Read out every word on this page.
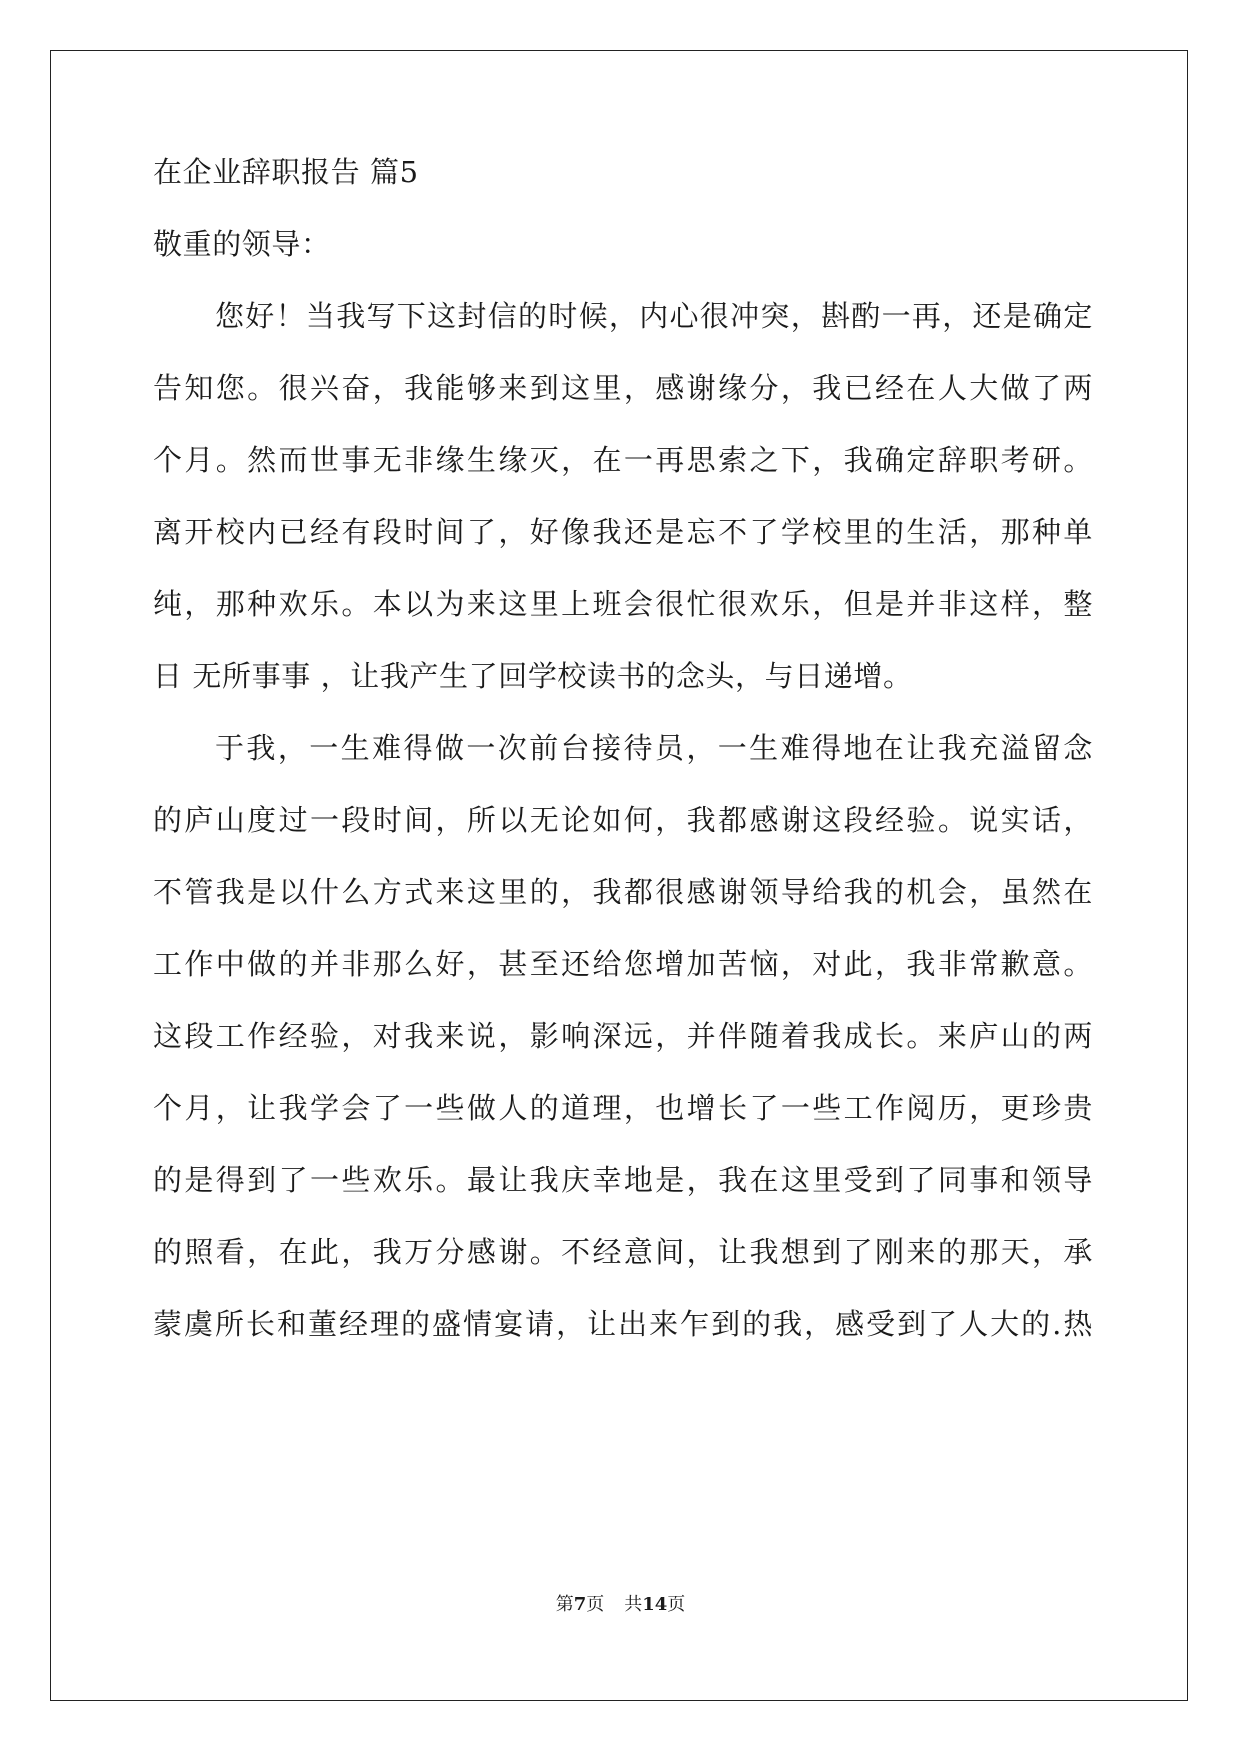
在企业辞职报告 篇5
敬重的领导：
您好！当我写下这封信的时候，内心很冲突，斟酌一再，还是确定
告知您。很兴奋，我能够来到这里，感谢缘分，我已经在人大做了两
个月。然而世事无非缘生缘灭，在一再思索之下，我确定辞职考研。
离开校内已经有段时间了，好像我还是忘不了学校里的生活，那种单
纯，那种欢乐。本以为来这里上班会很忙很欢乐，但是并非这样，整
日 无所事事 ，让我产生了回学校读书的念头，与日递增。
于我，一生难得做一次前台接待员，一生难得地在让我充溢留念
的庐山度过一段时间，所以无论如何，我都感谢这段经验。说实话，
不管我是以什么方式来这里的，我都很感谢领导给我的机会，虽然在
工作中做的并非那么好，甚至还给您增加苦恼，对此，我非常歉意。
这段工作经验，对我来说，影响深远，并伴随着我成长。来庐山的两
个月，让我学会了一些做人的道理，也增长了一些工作阅历，更珍贵
的是得到了一些欢乐。最让我庆幸地是，我在这里受到了同事和领导
的照看，在此，我万分感谢。不经意间，让我想到了刚来的那天，承
蒙虞所长和董经理的盛情宴请，让出来乍到的我，感受到了人大的.热
第7页 共14页
